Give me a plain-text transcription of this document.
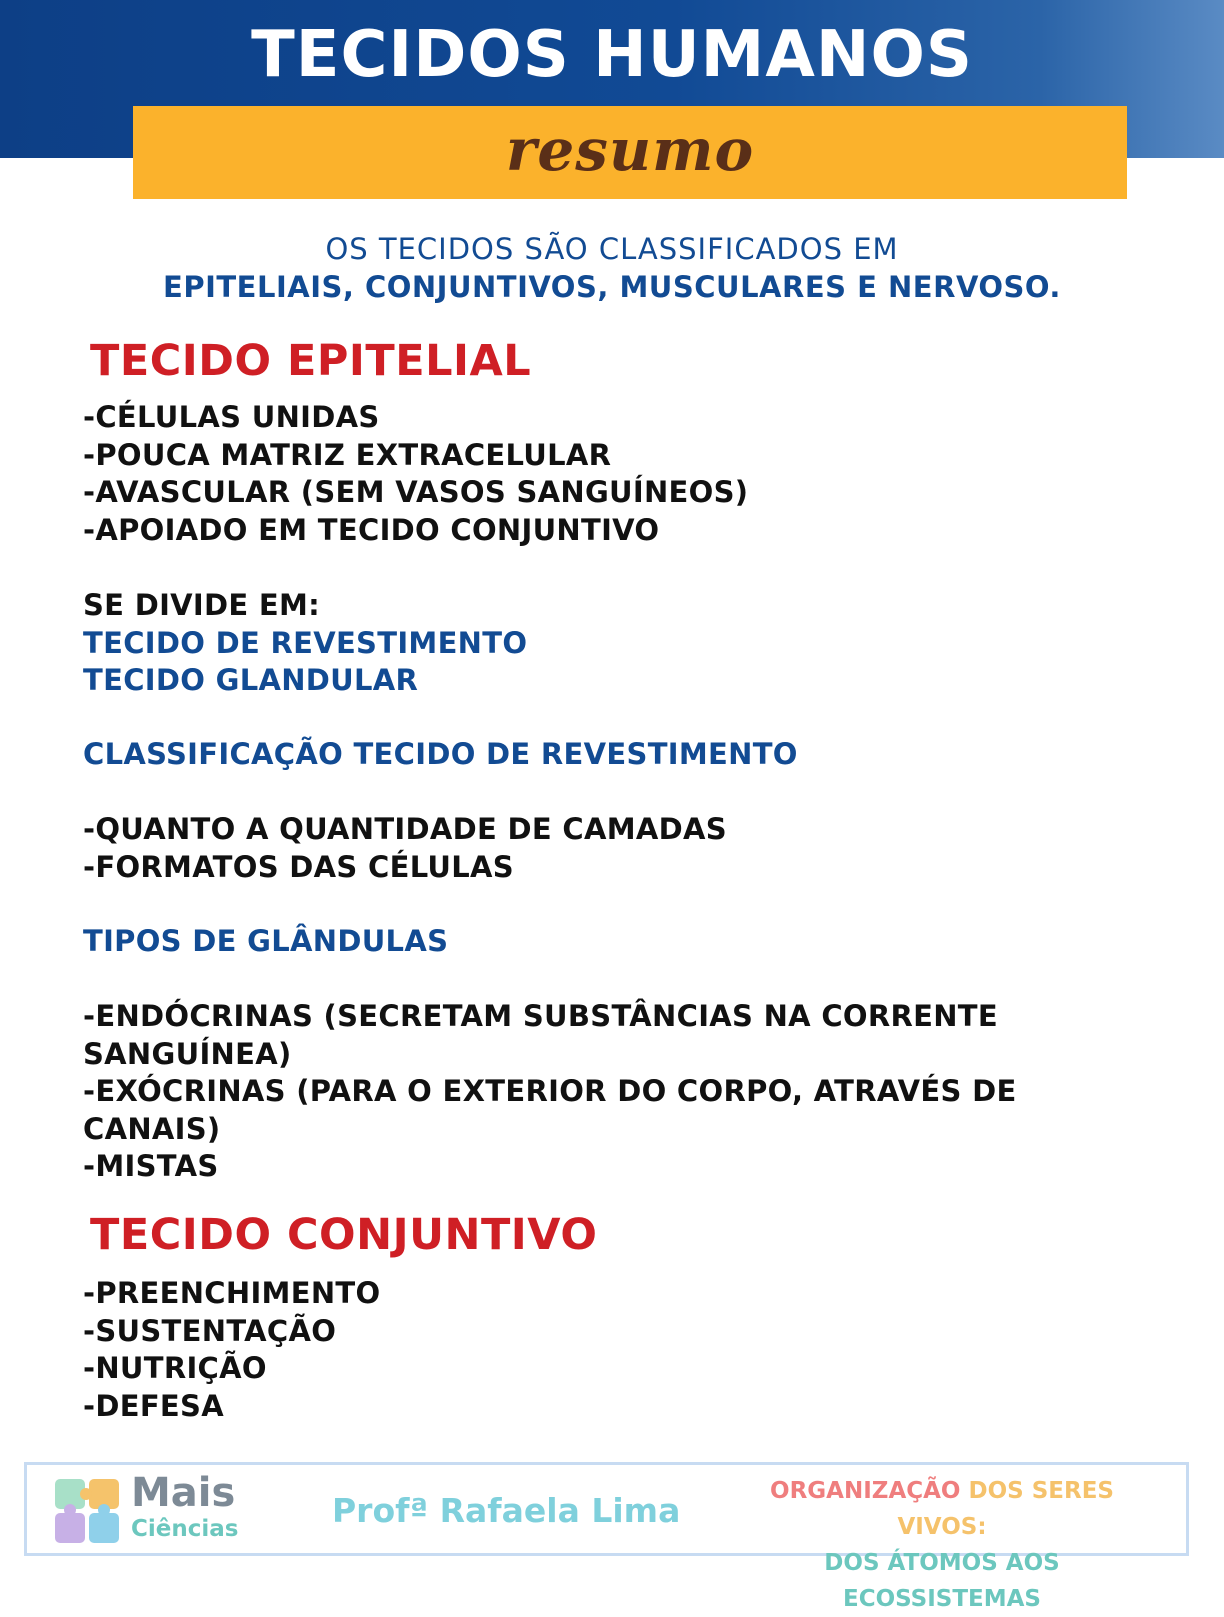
TECIDOS HUMANOS
resumo
OS TECIDOS SÃO CLASSIFICADOS EM
EPITELIAIS, CONJUNTIVOS, MUSCULARES E NERVOSO.
TECIDO EPITELIAL
-CÉLULAS UNIDAS
-POUCA MATRIZ EXTRACELULAR
-AVASCULAR (SEM VASOS SANGUÍNEOS)
-APOIADO EM TECIDO CONJUNTIVO
SE DIVIDE EM:
TECIDO DE REVESTIMENTO
TECIDO GLANDULAR
CLASSIFICAÇÃO TECIDO DE REVESTIMENTO
-QUANTO A QUANTIDADE DE CAMADAS
-FORMATOS DAS CÉLULAS
TIPOS DE GLÂNDULAS
-ENDÓCRINAS (SECRETAM SUBSTÂNCIAS NA CORRENTE SANGUÍNEA)
-EXÓCRINAS (PARA O EXTERIOR DO CORPO, ATRAVÉS DE CANAIS)
-MISTAS
TECIDO CONJUNTIVO
-PREENCHIMENTO
-SUSTENTAÇÃO
-NUTRIÇÃO
-DEFESA
Mais
Ciências	Profª Rafaela Lima	ORGANIZAÇÃO DOS SERES VIVOS:
DOS ÁTOMOS AOS ECOSSISTEMAS
